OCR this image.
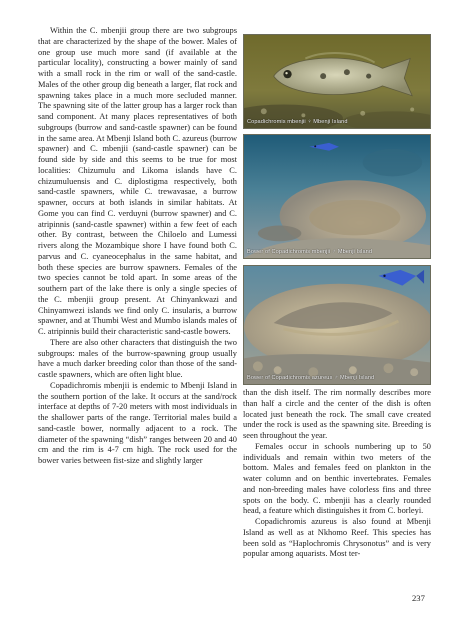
Within the C. mbenjii group there are two subgroups that are characterized by the shape of the bower. Males of one group use much more sand (if available at the particular locality), constructing a bower mainly of sand with a small rock in the rim or wall of the sand-castle. Males of the other group dig beneath a larger, flat rock and spawning takes place in a much more secluded manner. The spawning site of the latter group has a larger rock than sand component. At many places representatives of both subgroups (burrow and sand-castle spawner) can be found in the same area. At Mbenji Island both C. azureus (burrow spawner) and C. mbenjii (sand-castle spawner) can be found side by side and this seems to be true for most localities: Chizumulu and Likoma islands have C. chizumuluensis and C. diplostigma respectively, both sand-castle spawners, while C. trewavasae, a burrow spawner, occurs at both islands in similar habitats. At Gome you can find C. verduyni (burrow spawner) and C. atripinnis (sand-castle spawner) within a few feet of each other. By contrast, between the Chiloelo and Lumessi rivers along the Mozambique shore I have found both C. parvus and C. cyaneocephalus in the same habitat, and both these species are burrow spawners. Females of the two species cannot be told apart. In some areas of the southern part of the lake there is only a single species of the C. mbenjii group present. At Chinyankwazi and Chinyamwezi islands we find only C. insularis, a burrow spawner, and at Thumbi West and Mumbo islands males of C. atripinnis build their characteristic sand-castle bowers.

There are also other characters that distinguish the two subgroups: males of the burrow-spawning group usually have a much darker breeding color than those of the sand-castle spawners, which are often light blue.

Copadichromis mbenjii is endemic to Mbenji Island in the southern portion of the lake. It occurs at the sand/rock interface at depths of 7-20 meters with most individuals in the shallower parts of the range. Territorial males build a sand-castle bower, normally adjacent to a rock. The diameter of the spawning “dish” ranges between 20 and 40 cm and the rim is 4-7 cm high. The rock used for the bower varies between fist-size and slightly larger

Copadichromis mbenjii ♀ Mbenji Island
Bower of Copadichromis mbenjii ♂ Mbenji Island
Bower of Copadichromis azureus ♂ Mbenji Island

than the dish itself. The rim normally describes more than half a circle and the center of the dish is often located just beneath the rock. The small cave created under the rock is used as the spawning site. Breeding is seen throughout the year.

Females occur in schools numbering up to 50 individuals and remain within two meters of the bottom. Males and females feed on plankton in the water column and on benthic invertebrates. Females and non-breeding males have colorless fins and three spots on the body. C. mbenjii has a clearly rounded head, a feature which distinguishes it from C. borleyi.

Copadichromis azureus is also found at Mbenji Island as well as at Nkhomo Reef. This species has been sold as “Haplochromis Chrysonotus” and is very popular among aquarists. Most ter-

237
